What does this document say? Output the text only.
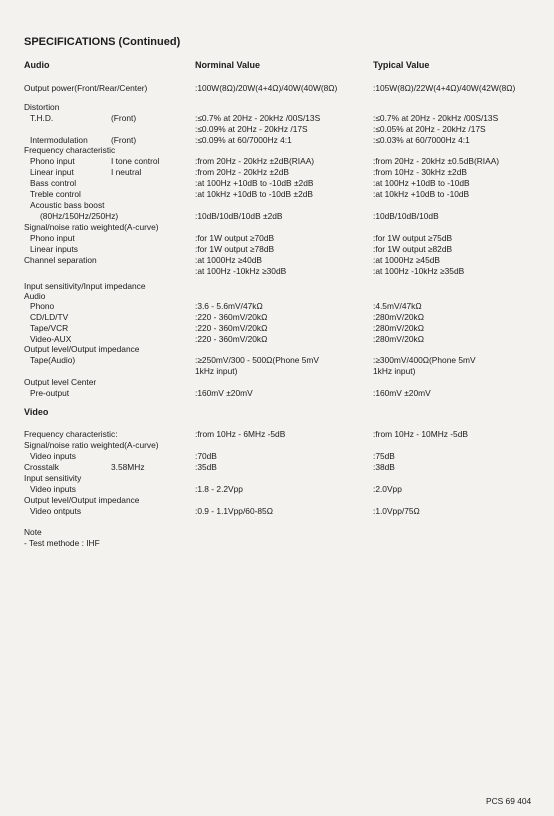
SPECIFICATIONS (Continued)
Audio	Norminal Value	Typical Value
Output power(Front/Rear/Center)	:100W(8Ω)/20W(4+4Ω)/40W(40W(8Ω)	:105W(8Ω)/22W(4+4Ω)/40W(42W(8Ω)
Distortion
T.H.D.	(Front)	:≤0.7% at 20Hz - 20kHz /00S/13S	:≤0.7% at 20Hz - 20kHz /00S/13S
:≤0.09% at 20Hz - 20kHz /17S	:≤0.05% at 20Hz - 20kHz /17S
Intermodulation	(Front)	:≤0.09% at 60/7000Hz 4:1	:≤0.03% at 60/7000Hz 4:1
Frequency characteristic
Phono input	I tone control	:from 20Hz - 20kHz ±2dB(RIAA)	:from 20Hz - 20kHz ±0.5dB(RIAA)
Linear input	I neutral	:from 20Hz - 20kHz ±2dB	:from 10Hz - 30kHz ±2dB
Bass control	:at 100Hz +10dB to -10dB ±2dB	:at 100Hz +10dB to -10dB
Treble control	:at 10kHz +10dB to -10dB ±2dB	:at 10kHz +10dB to -10dB
Acoustic bass boost
(80Hz/150Hz/250Hz)	:10dB/10dB/10dB ±2dB	:10dB/10dB/10dB
Signal/noise ratio weighted(A-curve)
Phono input	:for 1W output ≥70dB	:for 1W output ≥75dB
Linear inputs	:for 1W output ≥78dB	:for 1W output ≥82dB
Channel separation	:at 1000Hz ≥40dB	:at 1000Hz ≥45dB
:at 100Hz -10kHz ≥30dB	:at 100Hz -10kHz ≥35dB
Input sensitivity/Input impedance
Audio
Phono	:3.6 - 5.6mV/47kΩ	:4.5mV/47kΩ
CD/LD/TV	:220 - 360mV/20kΩ	:280mV/20kΩ
Tape/VCR	:220 - 360mV/20kΩ	:280mV/20kΩ
Video-AUX	:220 - 360mV/20kΩ	:280mV/20kΩ
Output level/Output impedance
Tape(Audio)	:≥250mV/300 - 500Ω(Phone 5mV	:≥300mV/400Ω(Phone 5mV
1kHz input)	1kHz input)
Output level Center
Pre-output	:160mV ±20mV	:160mV ±20mV
Video
Frequency characteristic:	:from 10Hz - 6MHz -5dB	:from 10Hz - 10MHz -5dB
Signal/noise ratio weighted(A-curve)
Video inputs	:70dB	:75dB
Crosstalk	3.58MHz	:35dB	:38dB
Input sensitivity
Video inputs	:1.8 - 2.2Vpp	:2.0Vpp
Output level/Output impedance
Video ontputs	:0.9 - 1.1Vpp/60-85Ω	:1.0Vpp/75Ω
Note
- Test methode : IHF
PCS 69 404
